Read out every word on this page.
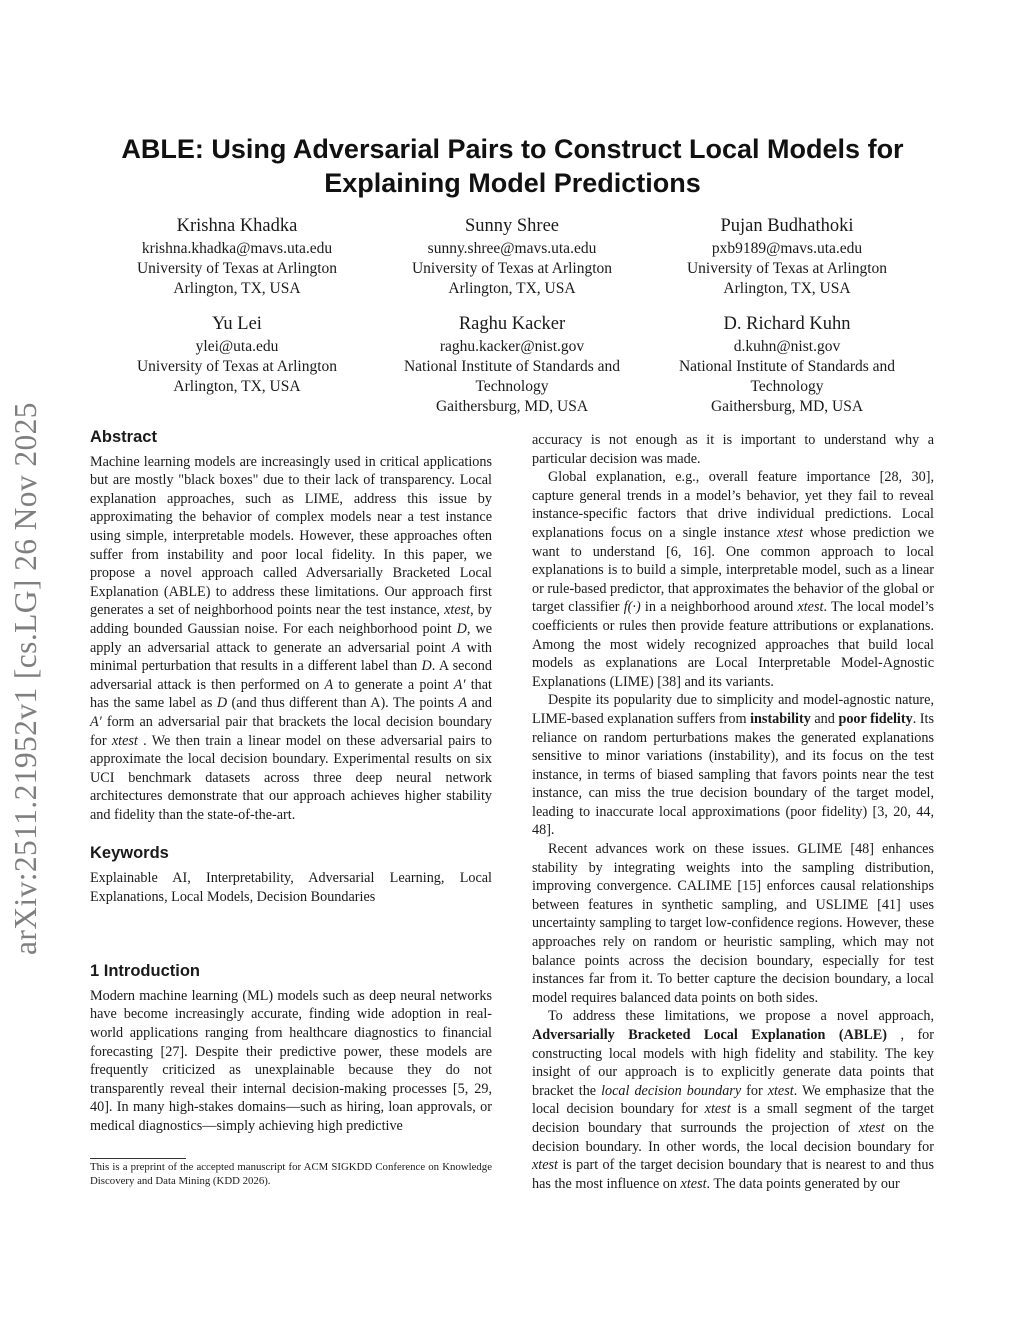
arXiv:2511.21952v1 [cs.LG] 26 Nov 2025
ABLE: Using Adversarial Pairs to Construct Local Models for Explaining Model Predictions
Krishna Khadka
krishna.khadka@mavs.uta.edu
University of Texas at Arlington
Arlington, TX, USA
Sunny Shree
sunny.shree@mavs.uta.edu
University of Texas at Arlington
Arlington, TX, USA
Pujan Budhathoki
pxb9189@mavs.uta.edu
University of Texas at Arlington
Arlington, TX, USA
Yu Lei
ylei@uta.edu
University of Texas at Arlington
Arlington, TX, USA
Raghu Kacker
raghu.kacker@nist.gov
National Institute of Standards and Technology
Gaithersburg, MD, USA
D. Richard Kuhn
d.kuhn@nist.gov
National Institute of Standards and Technology
Gaithersburg, MD, USA
Abstract

Machine learning models are increasingly used in critical applications but are mostly "black boxes" due to their lack of transparency. Local explanation approaches, such as LIME, address this issue by approximating the behavior of complex models near a test instance using simple, interpretable models. However, these approaches often suffer from instability and poor local fidelity. In this paper, we propose a novel approach called Adversarially Bracketed Local Explanation (ABLE) to address these limitations. Our approach first generates a set of neighborhood points near the test instance, xtest, by adding bounded Gaussian noise. For each neighborhood point D, we apply an adversarial attack to generate an adversarial point A with minimal perturbation that results in a different label than D. A second adversarial attack is then performed on A to generate a point A′ that has the same label as D (and thus different than A). The points A and A′ form an adversarial pair that brackets the local decision boundary for xtest . We then train a linear model on these adversarial pairs to approximate the local decision boundary. Experimental results on six UCI benchmark datasets across three deep neural network architectures demonstrate that our approach achieves higher stability and fidelity than the state-of-the-art.

Keywords

Explainable AI, Interpretability, Adversarial Learning, Local Explanations, Local Models, Decision Boundaries

1 Introduction

Modern machine learning (ML) models such as deep neural networks have become increasingly accurate, finding wide adoption in real-world applications ranging from healthcare diagnostics to financial forecasting [27]. Despite their predictive power, these models are frequently criticized as unexplainable because they do not transparently reveal their internal decision-making processes [5, 29, 40]. In many high-stakes domains—such as hiring, loan approvals, or medical diagnostics—simply achieving high predictive

This is a preprint of the accepted manuscript for ACM SIGKDD Conference on Knowledge Discovery and Data Mining (KDD 2026).

accuracy is not enough as it is important to understand why a particular decision was made.

Global explanation, e.g., overall feature importance [28, 30], capture general trends in a model’s behavior, yet they fail to reveal instance-specific factors that drive individual predictions. Local explanations focus on a single instance xtest whose prediction we want to understand [6, 16]. One common approach to local explanations is to build a simple, interpretable model, such as a linear or rule-based predictor, that approximates the behavior of the global or target classifier f(·) in a neighborhood around xtest. The local model’s coefficients or rules then provide feature attributions or explanations. Among the most widely recognized approaches that build local models as explanations are Local Interpretable Model-Agnostic Explanations (LIME) [38] and its variants.

Despite its popularity due to simplicity and model-agnostic nature, LIME-based explanation suffers from instability and poor fidelity. Its reliance on random perturbations makes the generated explanations sensitive to minor variations (instability), and its focus on the test instance, in terms of biased sampling that favors points near the test instance, can miss the true decision boundary of the target model, leading to inaccurate local approximations (poor fidelity) [3, 20, 44, 48].

Recent advances work on these issues. GLIME [48] enhances stability by integrating weights into the sampling distribution, improving convergence. CALIME [15] enforces causal relationships between features in synthetic sampling, and USLIME [41] uses uncertainty sampling to target low-confidence regions. However, these approaches rely on random or heuristic sampling, which may not balance points across the decision boundary, especially for test instances far from it. To better capture the decision boundary, a local model requires balanced data points on both sides.

To address these limitations, we propose a novel approach, Adversarially Bracketed Local Explanation (ABLE) , for constructing local models with high fidelity and stability. The key insight of our approach is to explicitly generate data points that bracket the local decision boundary for xtest. We emphasize that the local decision boundary for xtest is a small segment of the target decision boundary that surrounds the projection of xtest on the decision boundary. In other words, the local decision boundary for xtest is part of the target decision boundary that is nearest to and thus has the most influence on xtest. The data points generated by our
